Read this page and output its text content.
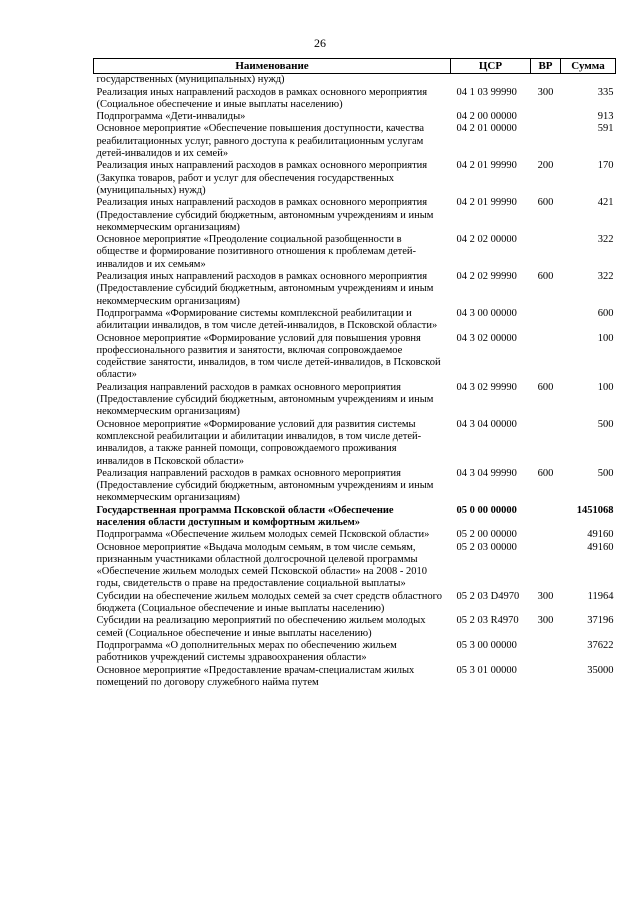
26
Наименование	ЦСР	ВР	Сумма
государственных (муниципальных) нужд)			
Реализация иных направлений расходов в рамках основного мероприятия (Социальное обеспечение и иные выплаты населению)	04 1 03 99990	300	335
Подпрограмма «Дети-инвалиды»	04 2 00 00000		913
Основное мероприятие «Обеспечение повышения доступности, качества реабилитационных услуг, равного доступа к реабилитационным услугам детей-инвалидов и их семей»	04 2 01 00000		591
Реализация иных направлений расходов в рамках основного мероприятия (Закупка товаров, работ и услуг для обеспечения государственных (муниципальных) нужд)	04 2 01 99990	200	170
Реализация иных направлений расходов в рамках основного мероприятия (Предоставление субсидий бюджетным, автономным учреждениям и иным некоммерческим организациям)	04 2 01 99990	600	421
Основное мероприятие «Преодоление социальной разобщенности в обществе и формирование позитивного отношения к проблемам детей-инвалидов и их семьям»	04 2 02 00000		322
Реализация иных направлений расходов в рамках основного мероприятия (Предоставление субсидий бюджетным, автономным учреждениям и иным некоммерческим организациям)	04 2 02 99990	600	322
Подпрограмма «Формирование системы комплексной реабилитации и абилитации инвалидов, в том числе детей-инвалидов, в Псковской области»	04 3 00 00000		600
Основное мероприятие «Формирование условий для повышения уровня профессионального развития и занятости, включая сопровождаемое содействие занятости, инвалидов, в том числе детей-инвалидов, в Псковской области»	04 3 02 00000		100
Реализация направлений расходов в рамках основного мероприятия (Предоставление субсидий бюджетным, автономным учреждениям и иным некоммерческим организациям)	04 3 02 99990	600	100
Основное мероприятие «Формирование условий для развития системы комплексной реабилитации и абилитации инвалидов, в том числе детей-инвалидов, а также ранней помощи, сопровождаемого проживания инвалидов в Псковской области»	04 3 04 00000		500
Реализация направлений расходов в рамках основного мероприятия (Предоставление субсидий бюджетным, автономным учреждениям и иным некоммерческим организациям)	04 3 04 99990	600	500
Государственная программа Псковской области «Обеспечение населения области доступным и комфортным жильем»	05 0 00 00000		1451068
Подпрограмма «Обеспечение жильем молодых семей Псковской области»	05 2 00 00000		49160
Основное мероприятие «Выдача молодым семьям, в том числе семьям, признанным участниками областной долгосрочной целевой программы «Обеспечение жильем молодых семей Псковской области» на 2008 - 2010 годы, свидетельств о праве на предоставление социальной выплаты»	05 2 03 00000		49160
Субсидии на обеспечение жильем молодых семей за счет средств областного бюджета (Социальное обеспечение и иные выплаты населению)	05 2 03 D4970	300	11964
Субсидии на реализацию мероприятий по обеспечению жильем молодых семей (Социальное обеспечение и иные выплаты населению)	05 2 03 R4970	300	37196
Подпрограмма «О дополнительных мерах по обеспечению жильем работников учреждений системы здравоохранения области»	05 3 00 00000		37622
Основное мероприятие «Предоставление врачам-специалистам жилых помещений по договору служебного найма путем	05 3 01 00000		35000
